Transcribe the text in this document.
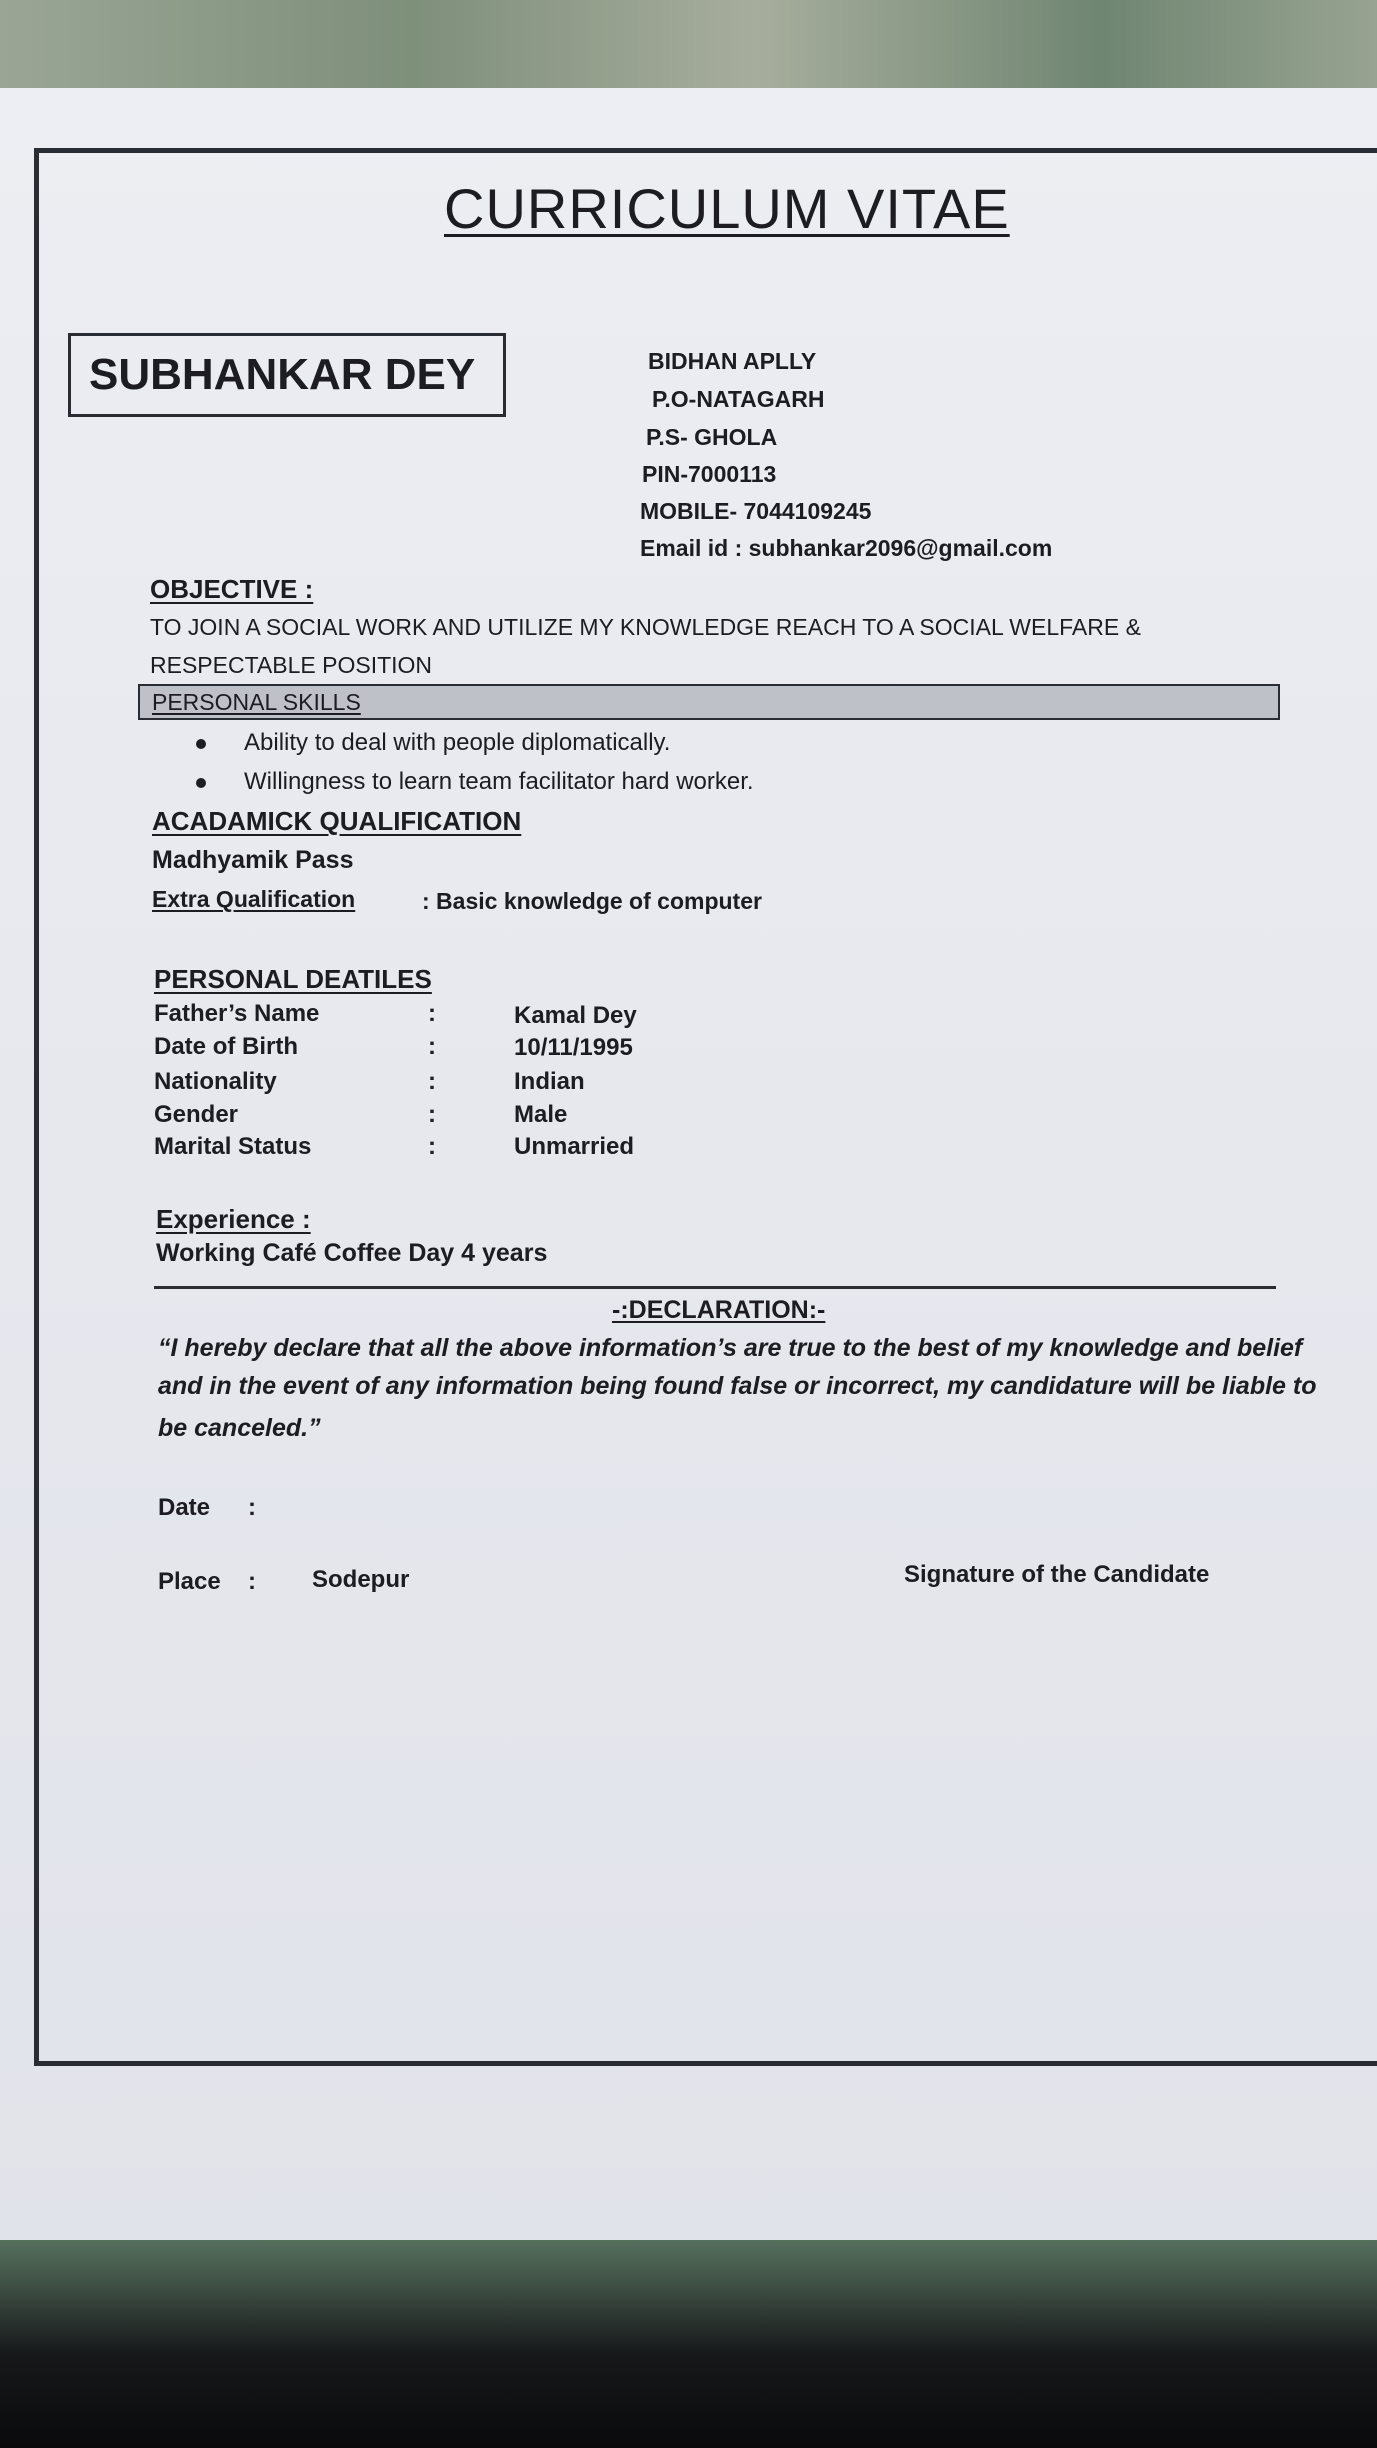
CURRICULUM VITAE
SUBHANKAR DEY	BIDHAN APLLY
P.O-NATAGARH
P.S- GHOLA
PIN-7000113
MOBILE- 7044109245
Email id : subhankar2096@gmail.com
OBJECTIVE :
TO JOIN A SOCIAL WORK AND UTILIZE MY KNOWLEDGE REACH TO A SOCIAL WELFARE &
RESPECTABLE POSITION
PERSONAL SKILLS
Ability to deal with people diplomatically.
Willingness to learn team facilitator hard worker.
ACADAMICK QUALIFICATION
Madhyamik Pass
Extra Qualification	: Basic knowledge of computer
PERSONAL DEATILES
Father’s Name	:	Kamal Dey
Date of Birth	:	10/11/1995
Nationality	:	Indian
Gender	:	Male
Marital Status	:	Unmarried
Experience :
Working Café Coffee Day 4 years
-:DECLARATION:-
“I hereby declare that all the above information’s are true to the best of my knowledge and belief
and in the event of any information being found false or incorrect, my candidature will be liable to
be canceled.”
Date :
Place : Sodepur	Signature of the Candidate
